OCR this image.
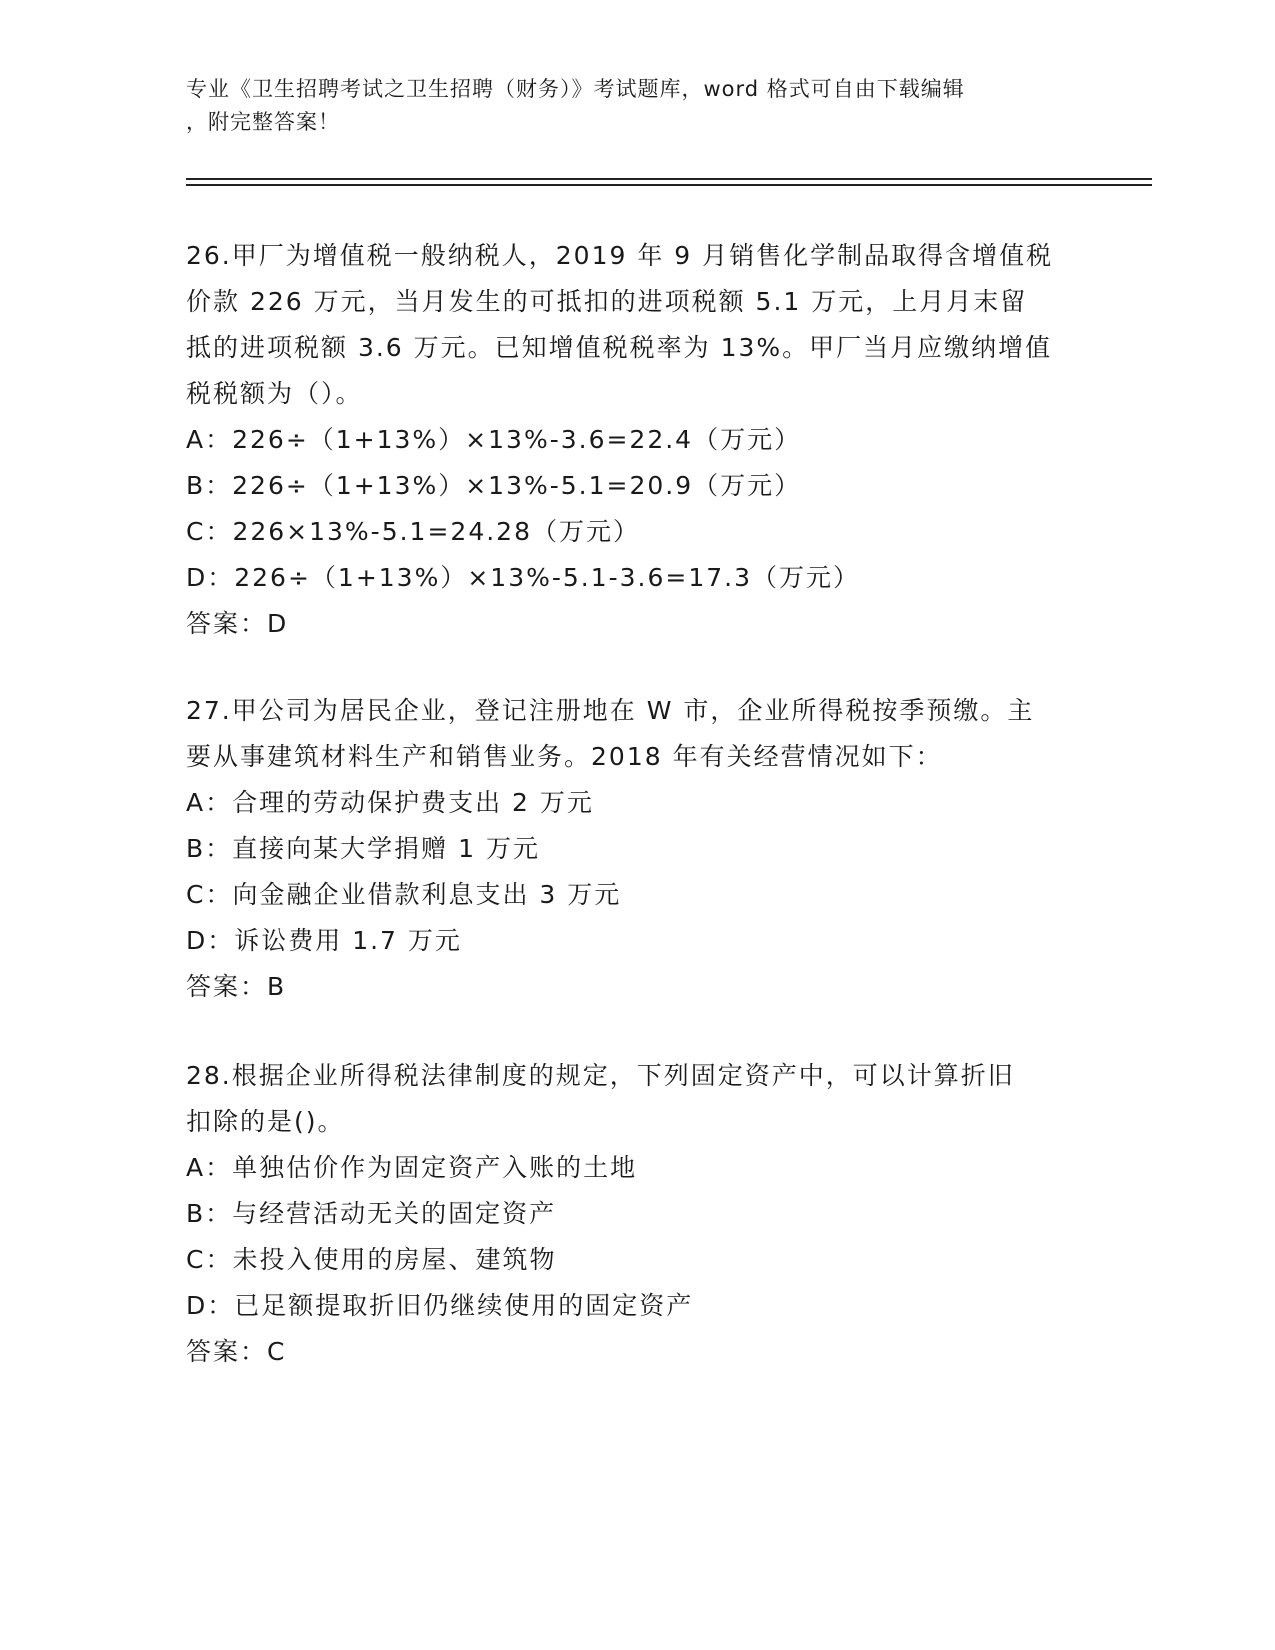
专业《卫生招聘考试之卫生招聘（财务）》考试题库，word 格式可自由下载编辑
，附完整答案！
26.甲厂为增值税一般纳税人，2019 年 9 月销售化学制品取得含增值税
价款 226 万元，当月发生的可抵扣的进项税额 5.1 万元，上月月末留
抵的进项税额 3.6 万元。已知增值税税率为 13%。甲厂当月应缴纳增值
税税额为（）。
A：226÷（1+13%）×13%-3.6=22.4（万元）
B：226÷（1+13%）×13%-5.1=20.9（万元）
C：226×13%-5.1=24.28（万元）
D：226÷（1+13%）×13%-5.1-3.6=17.3（万元）
答案：D
27.甲公司为居民企业，登记注册地在 W 市，企业所得税按季预缴。主
要从事建筑材料生产和销售业务。2018 年有关经营情况如下：
A：合理的劳动保护费支出 2 万元
B：直接向某大学捐赠 1 万元
C：向金融企业借款利息支出 3 万元
D：诉讼费用 1.7 万元
答案：B
28.根据企业所得税法律制度的规定，下列固定资产中，可以计算折旧
扣除的是()。
A：单独估价作为固定资产入账的土地
B：与经营活动无关的固定资产
C：未投入使用的房屋、建筑物
D：已足额提取折旧仍继续使用的固定资产
答案：C
